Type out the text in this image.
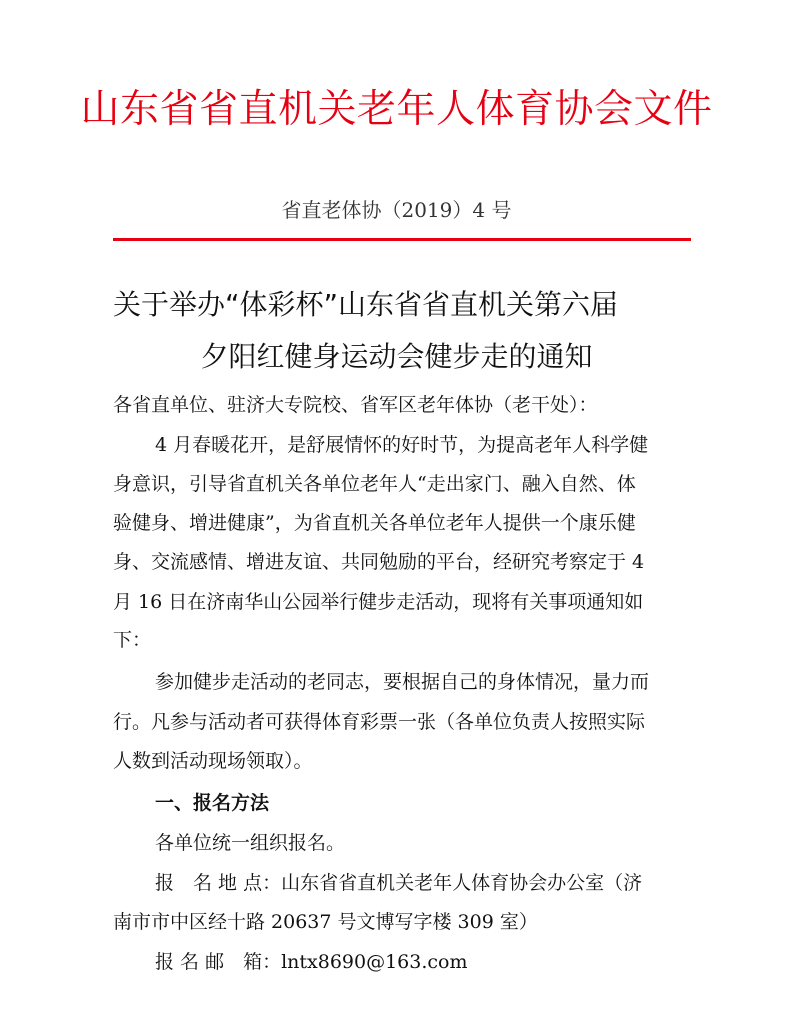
山东省省直机关老年人体育协会文件
省直老体协（2019）4 号
关于举办“体彩杯”山东省省直机关第六届
夕阳红健身运动会健步走的通知
各省直单位、驻济大专院校、省军区老年体协（老干处）：
4 月春暖花开，是舒展情怀的好时节，为提高老年人科学健
身意识，引导省直机关各单位老年人“走出家门、融入自然、体
验健身、增进健康”，为省直机关各单位老年人提供一个康乐健
身、交流感情、增进友谊、共同勉励的平台，经研究考察定于 4
月 16 日在济南华山公园举行健步走活动，现将有关事项通知如
下：
参加健步走活动的老同志，要根据自己的身体情况，量力而
行。凡参与活动者可获得体育彩票一张（各单位负责人按照实际
人数到活动现场领取）。
一、报名方法
各单位统一组织报名。
报　名 地 点：山东省省直机关老年人体育协会办公室（济
南市市中区经十路 20637 号文博写字楼 309 室）
报 名 邮　箱：lntx8690@163.com
